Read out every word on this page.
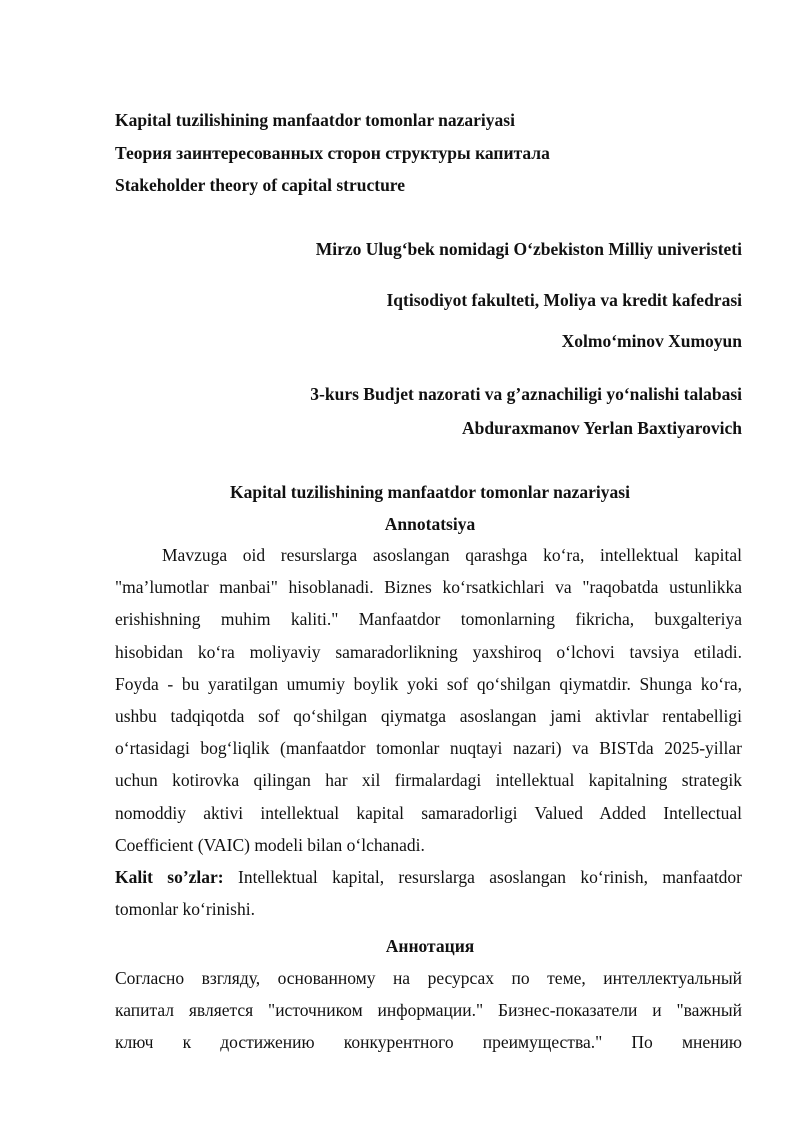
Kapital tuzilishining manfaatdor tomonlar nazariyasi
Теория заинтересованных сторон структуры капитала
Stakeholder theory of capital structure
Mirzo Ulug‘bek nomidagi O‘zbekiston Milliy univeristeti
Iqtisodiyot fakulteti, Moliya va kredit kafedrasi
Xolmo‘minov Xumoyun
3-kurs Budjet nazorati va g’aznachiligi yo‘nalishi talabasi
Abduraxmanov Yerlan Baxtiyarovich
Kapital tuzilishining manfaatdor tomonlar nazariyasi
Annotatsiya
Mavzuga oid resurslarga asoslangan qarashga ko‘ra, intellektual kapital
"ma’lumotlar manbai" hisoblanadi. Biznes ko‘rsatkichlari va "raqobatda ustunlikka
erishishning muhim kaliti." Manfaatdor tomonlarning fikricha, buxgalteriya
hisobidan ko‘ra moliyaviy samaradorlikning yaxshiroq o‘lchovi tavsiya etiladi.
Foyda - bu yaratilgan umumiy boylik yoki sof qo‘shilgan qiymatdir. Shunga ko‘ra,
ushbu tadqiqotda sof qo‘shilgan qiymatga asoslangan jami aktivlar rentabelligi
o‘rtasidagi bog‘liqlik (manfaatdor tomonlar nuqtayi nazari) va BISTda 2025-yillar
uchun kotirovka qilingan har xil firmalardagi intellektual kapitalning strategik
nomoddiy aktivi intellektual kapital samaradorligi Valued Added Intellectual
Coefficient (VAIC) modeli bilan o‘lchanadi.
Kalit so’zlar: Intellektual kapital, resurslarga asoslangan ko‘rinish, manfaatdor
tomonlar ko‘rinishi.
Аннотация
Согласно взгляду, основанному на ресурсах по теме, интеллектуальный
капитал является "источником информации." Бизнес-показатели и "важный
ключ к достижению конкурентного преимущества." По мнению
